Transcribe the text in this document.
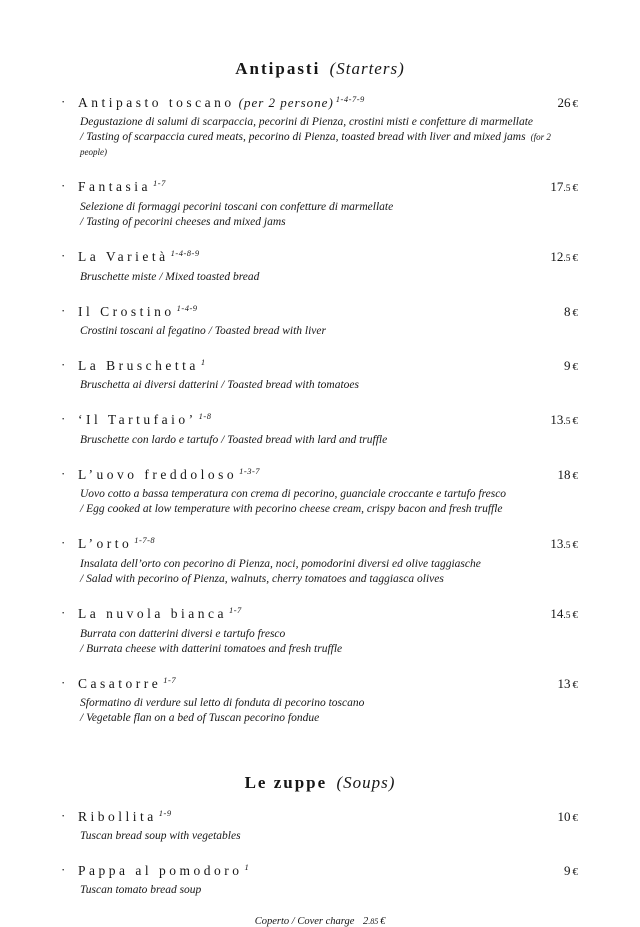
Antipasti (Starters)
· Antipasto toscano (per 2 persone) 1-4-7-9	26 €
Degustazione di salumi di scarpaccia, pecorini di Pienza, crostini misti e confetture di marmellate
/ Tasting of scarpaccia cured meats, pecorino di Pienza, toasted bread with liver and mixed jams (for 2 people)
· Fantasia 1-7	17.5 €
Selezione di formaggi pecorini toscani con confetture di marmellate
/ Tasting of pecorini cheeses and mixed jams
· La Varietà 1-4-8-9	12.5 €
Bruschette miste / Mixed toasted bread
· Il Crostino 1-4-9	8 €
Crostini toscani al fegatino / Toasted bread with liver
· La Bruschetta 1	9 €
Bruschetta ai diversi datterini / Toasted bread with tomatoes
· ‘Il Tartufaio’ 1-8	13.5 €
Bruschette con lardo e tartufo / Toasted bread with lard and truffle
· L’uovo freddoloso 1-3-7	18 €
Uovo cotto a bassa temperatura con crema di pecorino, guanciale croccante e tartufo fresco
/ Egg cooked at low temperature with pecorino cheese cream, crispy bacon and fresh truffle
· L’orto 1-7-8	13.5 €
Insalata dell’orto con pecorino di Pienza, noci, pomodorini diversi ed olive taggiasche
/ Salad with pecorino of Pienza, walnuts, cherry tomatoes and taggiasca olives
· La nuvola bianca 1-7	14.5 €
Burrata con datterini diversi e tartufo fresco
/ Burrata cheese with datterini tomatoes and fresh truffle
· Casatorre 1-7	13 €
Sformatino di verdure sul letto di fonduta di pecorino toscano
/ Vegetable flan on a bed of Tuscan pecorino fondue
Le zuppe (Soups)
· Ribollita 1-9	10 €
Tuscan bread soup with vegetables
· Pappa al pomodoro 1	9 €
Tuscan tomato bread soup
Coperto / Cover charge 2.85 €
